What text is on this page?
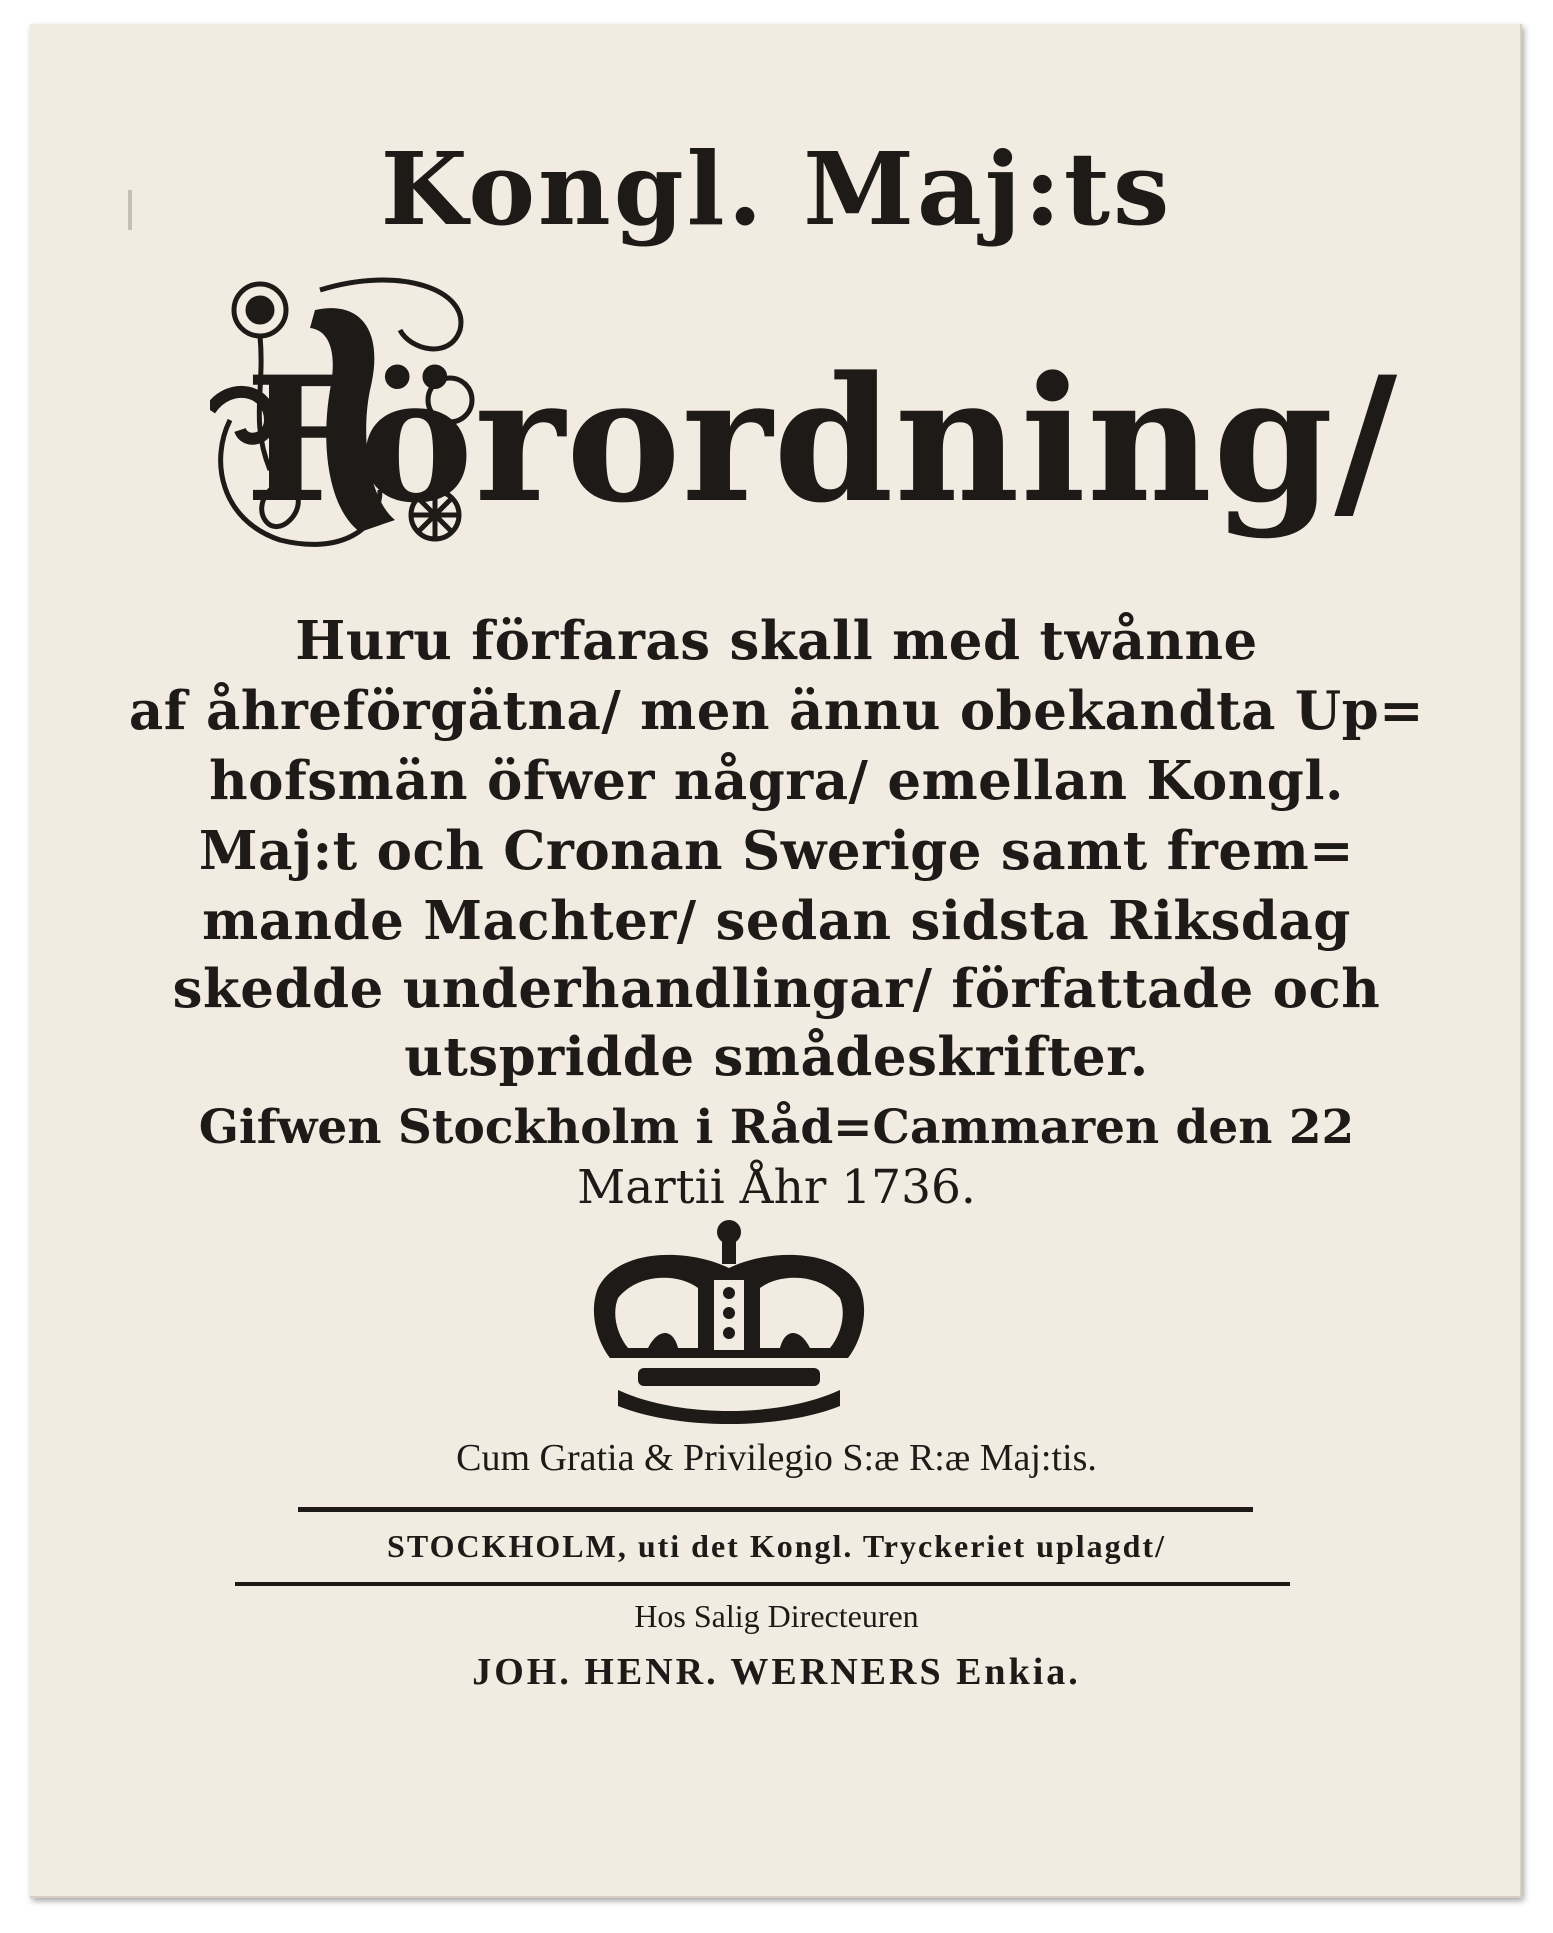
Kongl. Maj:ts
Förordning/
Huru förfaras skall med twånne
af åhreförgätna/ men ännu obekandta Up=
hofsmän öfwer några/ emellan Kongl.
Maj:t och Cronan Swerige samt frem=
mande Machter/ sedan sidsta Riksdag
skedde underhandlingar/ författade och
utspridde smådeskrifter.
Gifwen Stockholm i Råd=Cammaren den 22
Martii Åhr 1736.
Cum Gratia & Privilegio S:æ R:æ Maj:tis.
STOCKHOLM, uti det Kongl. Tryckeriet uplagdt/
Hos Salig Directeuren
JOH. HENR. WERNERS Enkia.
